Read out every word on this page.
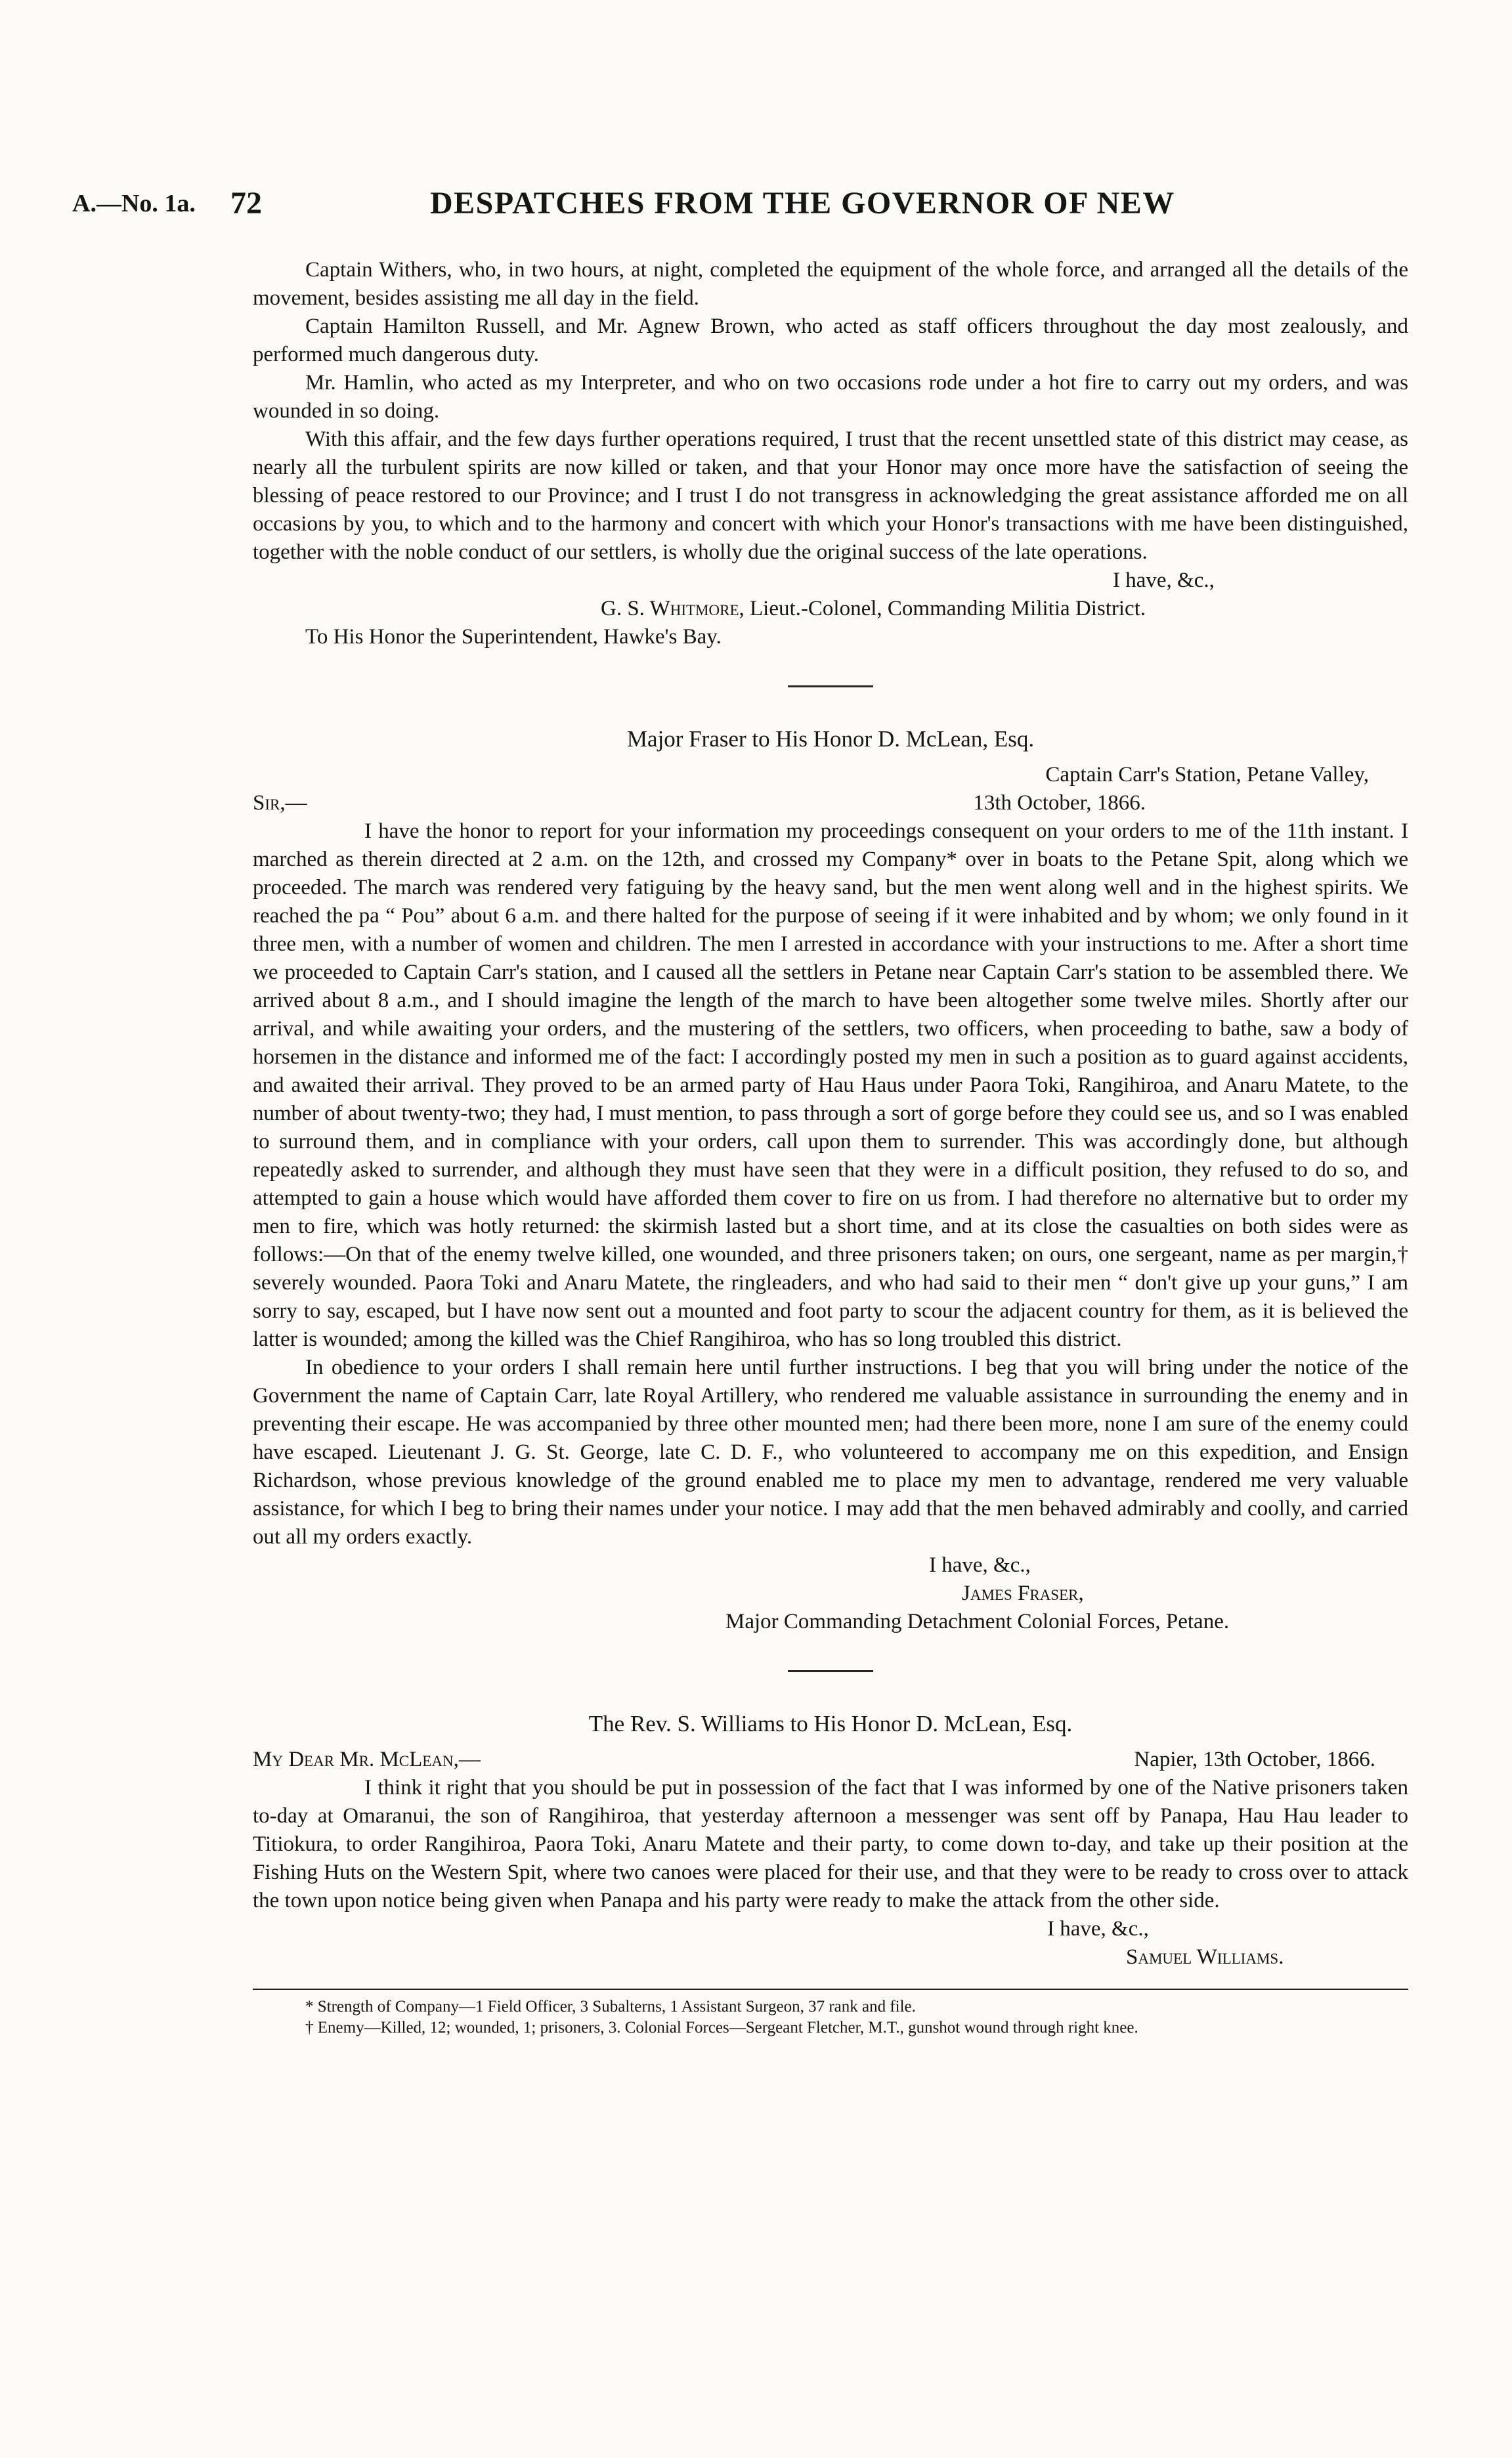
A.—No. 1a. 72	DESPATCHES FROM THE GOVERNOR OF NEW

Captain Withers, who, in two hours, at night, completed the equipment of the whole force, and arranged all the details of the movement, besides assisting me all day in the field.

Captain Hamilton Russell, and Mr. Agnew Brown, who acted as staff officers throughout the day most zealously, and performed much dangerous duty.

Mr. Hamlin, who acted as my Interpreter, and who on two occasions rode under a hot fire to carry out my orders, and was wounded in so doing.

With this affair, and the few days further operations required, I trust that the recent unsettled state of this district may cease, as nearly all the turbulent spirits are now killed or taken, and that your Honor may once more have the satisfaction of seeing the blessing of peace restored to our Province; and I trust I do not transgress in acknowledging the great assistance afforded me on all occasions by you, to which and to the harmony and concert with which your Honor's transactions with me have been distinguished, together with the noble conduct of our settlers, is wholly due the original success of the late operations.

I have, &c.,
G. S. Whitmore, Lieut.-Colonel, Commanding Militia District.

To His Honor the Superintendent, Hawke's Bay.

Major Fraser to His Honor D. McLean, Esq.

Captain Carr's Station, Petane Valley,
Sir,—	13th October, 1866.

I have the honor to report for your information my proceedings consequent on your orders to me of the 11th instant. I marched as therein directed at 2 a.m. on the 12th, and crossed my Company* over in boats to the Petane Spit, along which we proceeded. The march was rendered very fatiguing by the heavy sand, but the men went along well and in the highest spirits. We reached the pa “ Pou” about 6 a.m. and there halted for the purpose of seeing if it were inhabited and by whom; we only found in it three men, with a number of women and children. The men I arrested in accordance with your instructions to me. After a short time we proceeded to Captain Carr's station, and I caused all the settlers in Petane near Captain Carr's station to be assembled there. We arrived about 8 a.m., and I should imagine the length of the march to have been altogether some twelve miles. Shortly after our arrival, and while awaiting your orders, and the mustering of the settlers, two officers, when proceeding to bathe, saw a body of horsemen in the distance and informed me of the fact: I accordingly posted my men in such a position as to guard against accidents, and awaited their arrival. They proved to be an armed party of Hau Haus under Paora Toki, Rangihiroa, and Anaru Matete, to the number of about twenty-two; they had, I must mention, to pass through a sort of gorge before they could see us, and so I was enabled to surround them, and in compliance with your orders, call upon them to surrender. This was accordingly done, but although repeatedly asked to surrender, and although they must have seen that they were in a difficult position, they refused to do so, and attempted to gain a house which would have afforded them cover to fire on us from. I had therefore no alternative but to order my men to fire, which was hotly returned: the skirmish lasted but a short time, and at its close the casualties on both sides were as follows:—On that of the enemy twelve killed, one wounded, and three prisoners taken; on ours, one sergeant, name as per margin,† severely wounded. Paora Toki and Anaru Matete, the ringleaders, and who had said to their men “ don't give up your guns,” I am sorry to say, escaped, but I have now sent out a mounted and foot party to scour the adjacent country for them, as it is believed the latter is wounded; among the killed was the Chief Rangihiroa, who has so long troubled this district.

In obedience to your orders I shall remain here until further instructions. I beg that you will bring under the notice of the Government the name of Captain Carr, late Royal Artillery, who rendered me valuable assistance in surrounding the enemy and in preventing their escape. He was accompanied by three other mounted men; had there been more, none I am sure of the enemy could have escaped. Lieutenant J. G. St. George, late C. D. F., who volunteered to accompany me on this expedition, and Ensign Richardson, whose previous knowledge of the ground enabled me to place my men to advantage, rendered me very valuable assistance, for which I beg to bring their names under your notice. I may add that the men behaved admirably and coolly, and carried out all my orders exactly.

I have, &c.,
James Fraser,
Major Commanding Detachment Colonial Forces, Petane.

The Rev. S. Williams to His Honor D. McLean, Esq.

My Dear Mr. McLean,—	Napier, 13th October, 1866.

I think it right that you should be put in possession of the fact that I was informed by one of the Native prisoners taken to-day at Omaranui, the son of Rangihiroa, that yesterday afternoon a messenger was sent off by Panapa, Hau Hau leader to Titiokura, to order Rangihiroa, Paora Toki, Anaru Matete and their party, to come down to-day, and take up their position at the Fishing Huts on the Western Spit, where two canoes were placed for their use, and that they were to be ready to cross over to attack the town upon notice being given when Panapa and his party were ready to make the attack from the other side.

I have, &c.,
Samuel Williams.

* Strength of Company—1 Field Officer, 3 Subalterns, 1 Assistant Surgeon, 37 rank and file.

† Enemy—Killed, 12; wounded, 1; prisoners, 3. Colonial Forces—Sergeant Fletcher, M.T., gunshot wound through right knee.
